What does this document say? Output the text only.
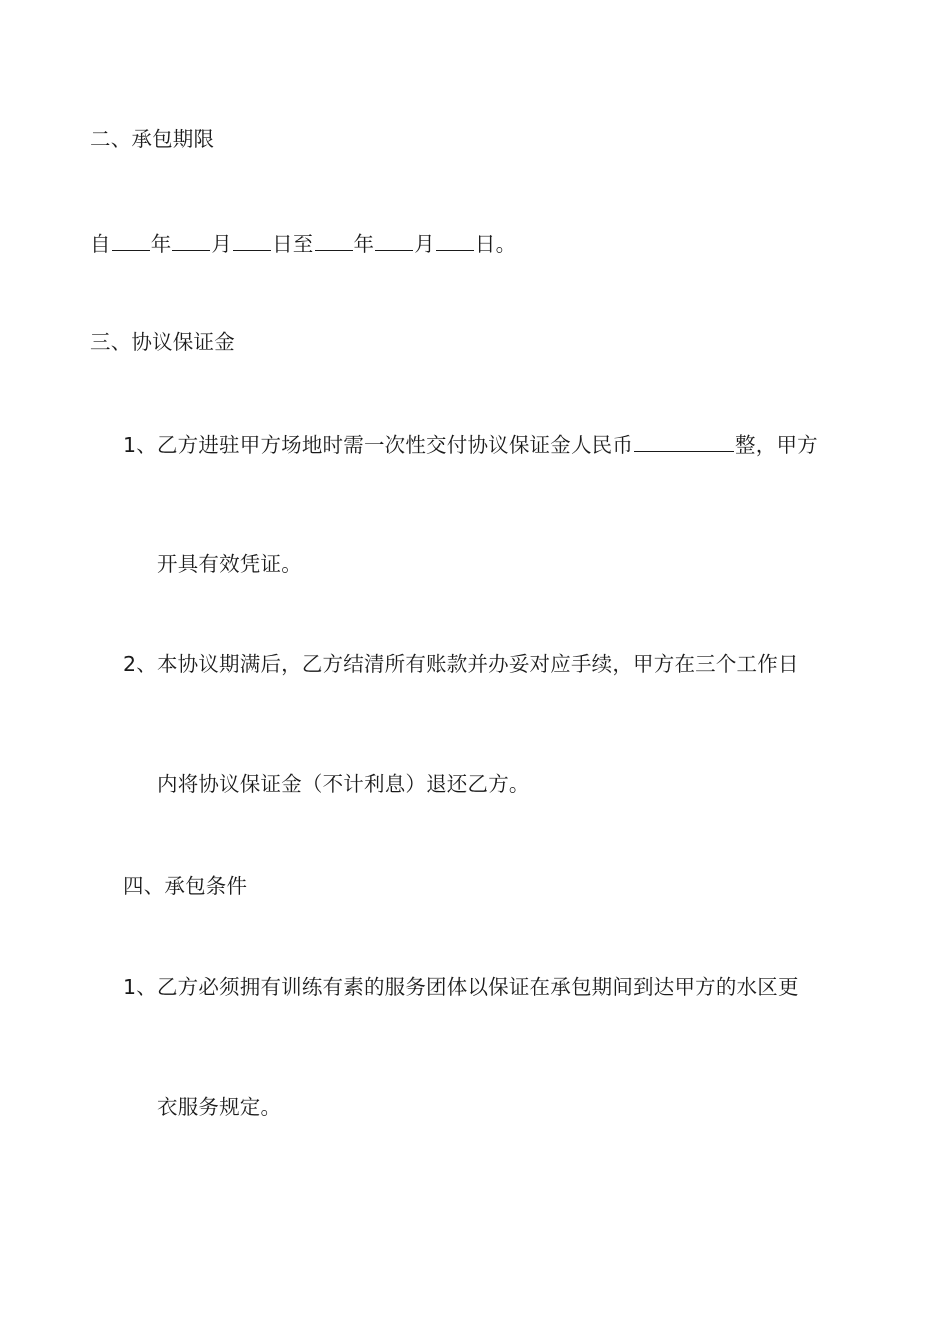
二、承包期限
自 年 月 日至 年 月 日。
三、协议保证金
1、乙方进驻甲方场地时需一次性交付协议保证金人民币	整，甲方
开具有效凭证。
2、本协议期满后，乙方结清所有账款并办妥对应手续，甲方在三个工作日
内将协议保证金（不计利息）退还乙方。
四、承包条件
1、乙方必须拥有训练有素的服务团体以保证在承包期间到达甲方的水区更
衣服务规定。
